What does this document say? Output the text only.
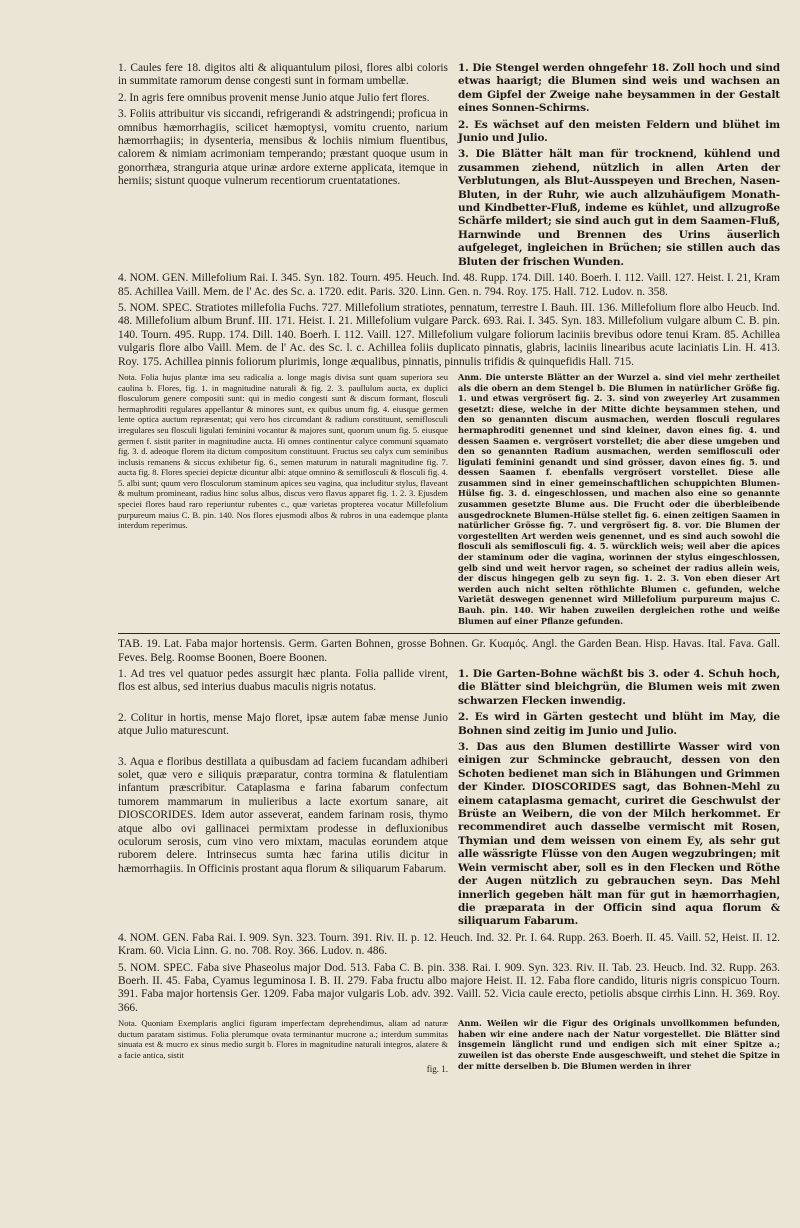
1. Caules fere 18. digitos alti & aliquantulum pilosi, flores albi coloris in summitate ramorum dense congesti sunt in formam umbellæ.

2. In agris fere omnibus provenit mense Junio atque Julio fert flores.

3. Foliis attribuitur vis siccandi, refrigerandi & adstringendi; proficua in omnibus hæmorrhagiis, scilicet hæmoptysi, vomitu cruento, narium hæmorrhagiis; in dysenteria, mensibus & lochiis nimium fluentibus, calorem & nimiam acrimoniam temperando; præstant quoque usum in gonorrhæa, stranguria atque urinæ ardore externe applicata, itemque in herniis; sistunt quoque vulnerum recentiorum cruentatationes.

1. Die Stengel werden ohngefehr 18. Zoll hoch und sind etwas haarigt; die Blumen sind weis und wachsen an dem Gipfel der Zweige nahe beysammen in der Gestalt eines Sonnen-Schirms.

2. Es wächset auf den meisten Feldern und blühet im Junio und Julio.

3. Die Blätter hält man für trocknend, kühlend und zusammen ziehend, nützlich in allen Arten der Verblutungen, als Blut-Ausspeyen und Brechen, Nasen-Bluten, in der Ruhr, wie auch allzuhäufigem Monath- und Kindbetter-Fluß, indeme es kühlet, und allzugroße Schärfe mildert; sie sind auch gut in dem Saamen-Fluß, Harnwinde und Brennen des Urins äuserlich aufgeleget, ingleichen in Brüchen; sie stillen auch das Bluten der frischen Wunden.

4. NOM. GEN. Millefolium Rai. I. 345. Syn. 182. Tourn. 495. Heuch. Ind. 48. Rupp. 174. Dill. 140. Boerh. I. 112. Vaill. 127. Heist. I. 21, Kram 85. Achillea Vaill. Mem. de l' Ac. des Sc. a. 1720. edit. Paris. 320. Linn. Gen. n. 794. Roy. 175. Hall. 712. Ludov. n. 358.

5. NOM. SPEC. Stratiotes millefolia Fuchs. 727. Millefolium stratiotes, pennatum, terrestre I. Bauh. III. 136. Millefolium flore albo Heucb. Ind. 48. Millefolium album Brunf. III. 171. Heist. I. 21. Millefolium vulgare Parck. 693. Rai. I. 345. Syn. 183. Millefolium vulgare album C. B. pin. 140. Tourn. 495. Rupp. 174. Dill. 140. Boerh. I. 112. Vaill. 127. Millefolium vulgare foliorum laciniis brevibus odore tenui Kram. 85. Achillea vulgaris flore albo Vaill. Mem. de l' Ac. des Sc. l. c. Achillea foliis duplicato pinnatis, glabris, laciniis linearibus acute laciniatis Lin. H. 413. Roy. 175. Achillea pinnis foliorum plurimis, longe æqualibus, pinnatis, pinnulis trifidis & quinquefidis Hall. 715.

Nota. Folia hujus plantæ ima seu radicalia a. longe magis divisa sunt quam superiora seu caulina b. Flores, fig. 1. in magnitudine naturali & fig. 2. 3. paullulum aucta, ex duplici flosculorum genere compositi sunt: qui in medio congesti sunt & discum formant, flosculi hermaphroditi regulares appellantur & minores sunt, ex quibus unum fig. 4. eiusque germen lente optica auctum repræsentat; qui vero hos circumdant & radium constituunt, semiflosculi irregulares seu flosculi ligulati feminini vocantur & majores sunt, quorum unum fig. 5. eiusque germen f. sistit pariter in magnitudine aucta. Hi omnes continentur calyce communi squamato fig. 3. d. adeoque florem ita dictum compositum constituunt. Fructus seu calyx cum seminibus inclusis remanens & siccus exhibetur fig. 6., semen maturum in naturali magnitudine fig. 7. aucta fig. 8. Flores speciei depictæ dicuntur albi: atque omnino & semiflosculi & flosculi fig. 4. 5. albi sunt; quum vero flosculorum staminum apices seu vagina, qua includitur stylus, flaveant & multum promineant, radius hinc solus albus, discus vero flavus apparet fig. 1. 2. 3. Ejusdem speciei flores haud raro reperiuntur rubentes c., quæ varietas propterea vocatur Millefolium purpureum maius C. B. pin. 140. Nos flores ejusmodi albos & rubros in una eademque planta interdum reperimus.

Anm. Die unterste Blätter an der Wurzel a. sind viel mehr zertheilet als die obern an dem Stengel b. Die Blumen in natürlicher Größe fig. 1. und etwas vergrösert fig. 2. 3. sind von zweyerley Art zusammen gesetzt: diese, welche in der Mitte dichte beysammen stehen, und den so genannten discum ausmachen, werden flosculi regulares hermaphroditi genennet und sind kleiner, davon eines fig. 4. und dessen Saamen e. vergrösert vorstellet; die aber diese umgeben und den so genannten Radium ausmachen, werden semiflosculi oder ligulati feminini genandt und sind grösser, davon eines fig. 5. und dessen Saamen f. ebenfalls vergrösert vorstellet. Diese alle zusammen sind in einer gemeinschaftlichen schuppichten Blumen-Hülse fig. 3. d. eingeschlossen, und machen also eine so genannte zusammen gesetzte Blume aus. Die Frucht oder die überbleibende ausgedrocknete Blumen-Hülse stellet fig. 6. einen zeitigen Saamen in natürlicher Grösse fig. 7. und vergrösert fig. 8. vor. Die Blumen der vorgestellten Art werden weis genennet, und es sind auch sowohl die flosculi als semiflosculi fig. 4. 5. würcklich weis; weil aber die apices der staminum oder die vagina, worinnen der stylus eingeschlossen, gelb sind und weit hervor ragen, so scheinet der radius allein weis, der discus hingegen gelb zu seyn fig. 1. 2. 3. Von eben dieser Art werden auch nicht selten röthlichte Blumen c. gefunden, welche Varietät deswegen genennet wird Millefolium purpureum majus C. Bauh. pin. 140. Wir haben zuweilen dergleichen rothe und weiße Blumen auf einer Pflanze gefunden.

TAB. 19. Lat. Faba major hortensis. Germ. Garten Bohnen, grosse Bohnen. Gr. Κυαμός. Angl. the Garden Bean. Hisp. Havas. Ital. Fava. Gall. Feves. Belg. Roomse Boonen, Boere Boonen.

1. Ad tres vel quatuor pedes assurgit hæc planta. Folia pallide virent, flos est albus, sed interius duabus maculis nigris notatus.

2. Colitur in hortis, mense Majo floret, ipsæ autem fabæ mense Junio atque Julio maturescunt.

3. Aqua e floribus destillata a quibusdam ad faciem fucandam adhiberi solet, quæ vero e siliquis præparatur, contra tormina & flatulentiam infantum præscribitur. Cataplasma e farina fabarum confectum tumorem mammarum in mulieribus a lacte exortum sanare, ait DIOSCORIDES. Idem autor asseverat, eandem farinam rosis, thymo atque albo ovi gallinacei permixtam prodesse in defluxionibus oculorum serosis, cum vino vero mixtam, maculas eorundem atque ruborem delere. Intrinsecus sumta hæc farina utilis dicitur in hæmorrhagiis. In Officinis prostant aqua florum & siliquarum Fabarum.

1. Die Garten-Bohne wächßt bis 3. oder 4. Schuh hoch, die Blätter sind bleichgrün, die Blumen weis mit zwen schwarzen Flecken inwendig.

2. Es wird in Gärten gestecht und blüht im May, die Bohnen sind zeitig im Junio und Julio.

3. Das aus den Blumen destillirte Wasser wird von einigen zur Schmincke gebraucht, dessen von den Schoten bedienet man sich in Blähungen und Grimmen der Kinder. DIOSCORIDES sagt, das Bohnen-Mehl zu einem cataplasma gemacht, curiret die Geschwulst der Brüste an Weibern, die von der Milch herkommet. Er recommendiret auch dasselbe vermischt mit Rosen, Thymian und dem weissen von einem Ey, als sehr gut alle wässrigte Flüsse von den Augen wegzubringen; mit Wein vermischt aber, soll es in den Flecken und Röthe der Augen nützlich zu gebrauchen seyn. Das Mehl innerlich gegeben hält man für gut in hæmorrhagien, die præparata in der Officin sind aqua florum & siliquarum Fabarum.

4. NOM. GEN. Faba Rai. I. 909. Syn. 323. Tourn. 391. Riv. II. p. 12. Heuch. Ind. 32. Pr. I. 64. Rupp. 263. Boerh. II. 45. Vaill. 52, Heist. II. 12. Kram. 60. Vicia Linn. G. no. 708. Roy. 366. Ludov. n. 486.

5. NOM. SPEC. Faba sive Phaseolus major Dod. 513. Faba C. B. pin. 338. Rai. I. 909. Syn. 323. Riv. II. Tab. 23. Heucb. Ind. 32. Rupp. 263. Boerh. II. 45. Faba, Cyamus leguminosa I. B. II. 279. Faba fructu albo majore Heist. II. 12. Faba flore candido, lituris nigris conspicuo Tourn. 391. Faba major hortensis Ger. 1209. Faba major vulgaris Lob. adv. 392. Vaill. 52. Vicia caule erecto, petiolis absque cirrhis Linn. H. 369. Roy. 366.

Nota. Quoniam Exemplaris anglici figuram imperfectam deprehendimus, aliam ad naturæ ductum paratam sistimus. Folia plerumque ovata terminantur mucrone a.; interdum summitas sinuata est & mucro ex sinus medio surgit b. Flores in magnitudine naturali integros, alatere & a facie antica, sistit

fig. 1.

Anm. Weilen wir die Figur des Originals unvollkommen befunden, haben wir eine andere nach der Natur vorgestellet. Die Blätter sind insgemein länglicht rund und endigen sich mit einer Spitze a.; zuweilen ist das oberste Ende ausgeschweift, und stehet die Spitze in der mitte derselben b. Die Blumen werden in ihrer
